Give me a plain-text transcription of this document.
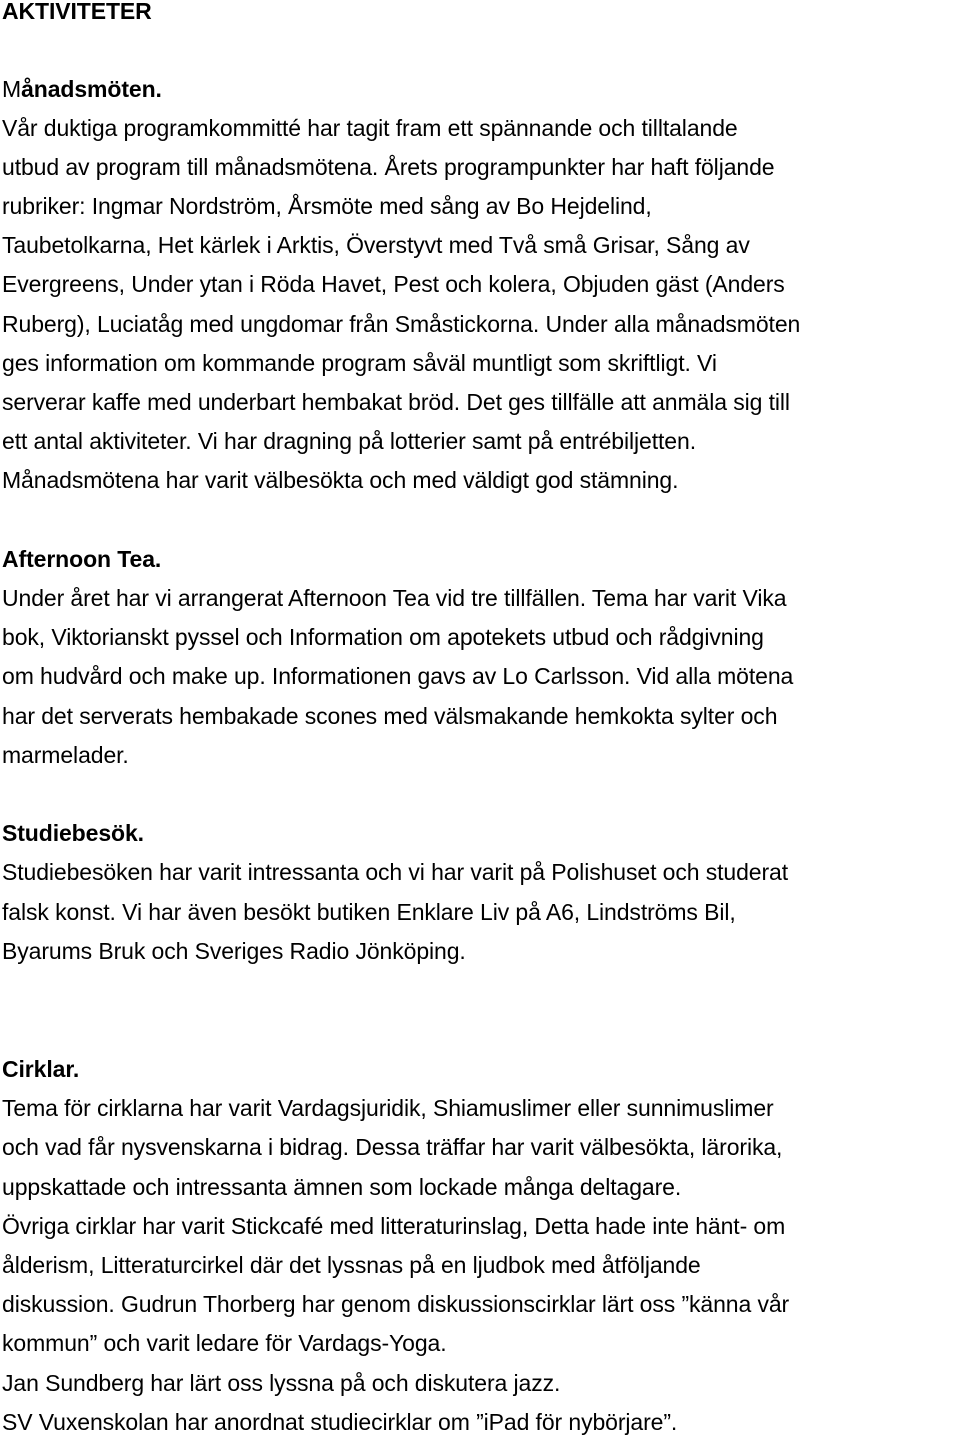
AKTIVITETER
Månadsmöten.
Vår duktiga programkommitté har tagit fram ett spännande och tilltalande
utbud av program till månadsmötena. Årets programpunkter har haft följande
rubriker: Ingmar Nordström, Årsmöte med sång av Bo Hejdelind,
Taubetolkarna, Het kärlek i Arktis, Överstyvt med Två små Grisar, Sång av
Evergreens, Under ytan i Röda Havet, Pest och kolera, Objuden gäst (Anders
Ruberg), Luciatåg med ungdomar från Småstickorna. Under alla månadsmöten
ges information om kommande program såväl muntligt som skriftligt. Vi
serverar kaffe med underbart hembakat bröd. Det ges tillfälle att anmäla sig till
ett antal aktiviteter. Vi har dragning på lotterier samt på entrébiljetten.
Månadsmötena har varit välbesökta och med väldigt god stämning.
Afternoon Tea.
Under året har vi arrangerat Afternoon Tea vid tre tillfällen. Tema har varit Vika
bok, Viktorianskt pyssel och Information om apotekets utbud och rådgivning
om hudvård och make up. Informationen gavs av Lo Carlsson. Vid alla mötena
har det serverats hembakade scones med välsmakande hemkokta sylter och
marmelader.
Studiebesök.
Studiebesöken har varit intressanta och vi har varit på Polishuset och studerat
falsk konst. Vi har även besökt butiken Enklare Liv på A6, Lindströms Bil,
Byarums Bruk och Sveriges Radio Jönköping.
Cirklar.
Tema för cirklarna har varit Vardagsjuridik, Shiamuslimer eller sunnimuslimer
och vad får nysvenskarna i bidrag. Dessa träffar har varit välbesökta, lärorika,
uppskattade och intressanta ämnen som lockade många deltagare.
Övriga cirklar har varit Stickcafé med litteraturinslag, Detta hade inte hänt- om
ålderism, Litteraturcirkel där det lyssnas på en ljudbok med åtföljande
diskussion. Gudrun Thorberg har genom diskussionscirklar lärt oss ”känna vår
kommun” och varit ledare för Vardags-Yoga.
Jan Sundberg har lärt oss lyssna på och diskutera jazz.
SV Vuxenskolan har anordnat studiecirklar om ”iPad för nybörjare”.
